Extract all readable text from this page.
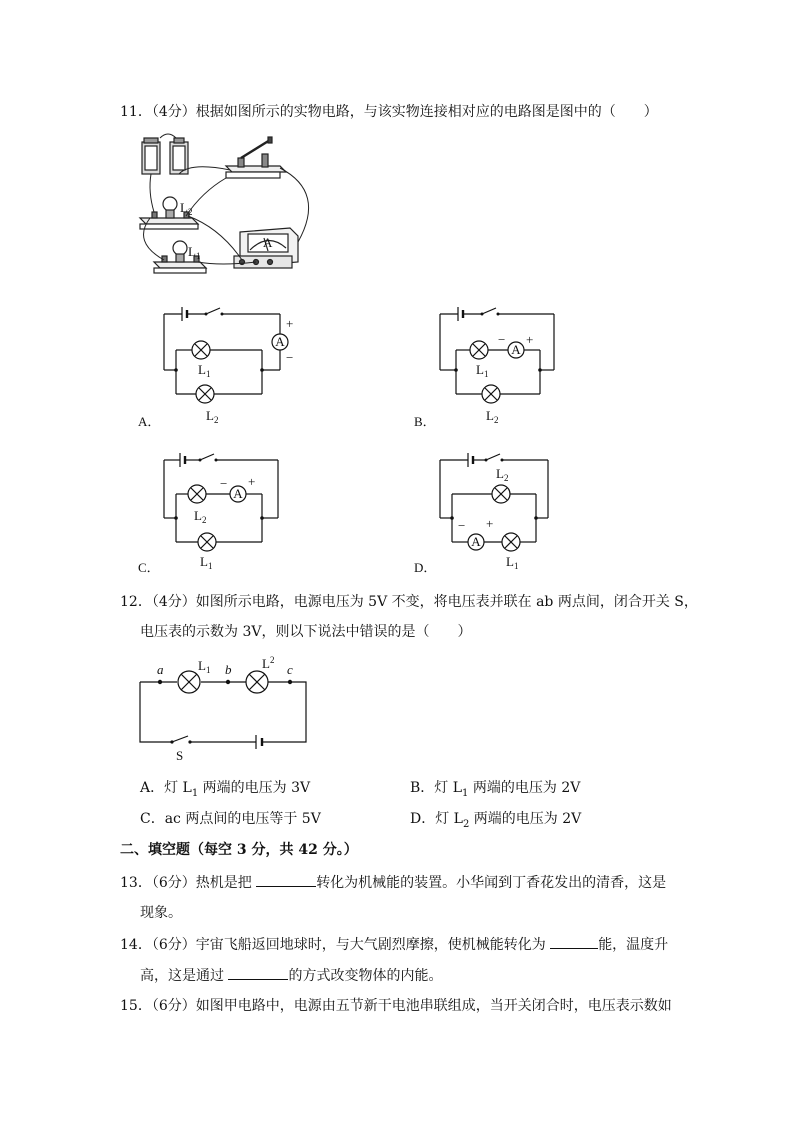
11．（4分）根据如图所示的实物电路，与该实物连接相对应的电路图是图中的（　　）
$L_2$
$L_1$
A
A
+
−
$L_1$
$L_2$
A．
A
− +
$L_1$
$L_2$
B．
A
− +
$L_2$
$L_1$
C．
A
− +
$L_2$
$L_1$
D．
12．（4分）如图所示电路，电源电压为 5V 不变，将电压表并联在 ab 两点间，闭合开关 S，
电压表的示数为 3V，则以下说法中错误的是（　　）
a	b	c
$L_1$	$L^2$
S
A．灯 $L_1$ 两端的电压为 3V	B．灯 $L_1$ 两端的电压为 2V
C．ac 两点间的电压等于 5V	D．灯 $L_2$ 两端的电压为 2V
二、填空题（每空 3 分，共 42 分。）
13．（6分）热机是把	转化为机械能的装置。小华闻到丁香花发出的清香，这是
现象。
14．（6分）宇宙飞船返回地球时，与大气剧烈摩擦，使机械能转化为	能，温度升
高，这是通过	的方式改变物体的内能。
15．（6分）如图甲电路中，电源由五节新干电池串联组成，当开关闭合时，电压表示数如
